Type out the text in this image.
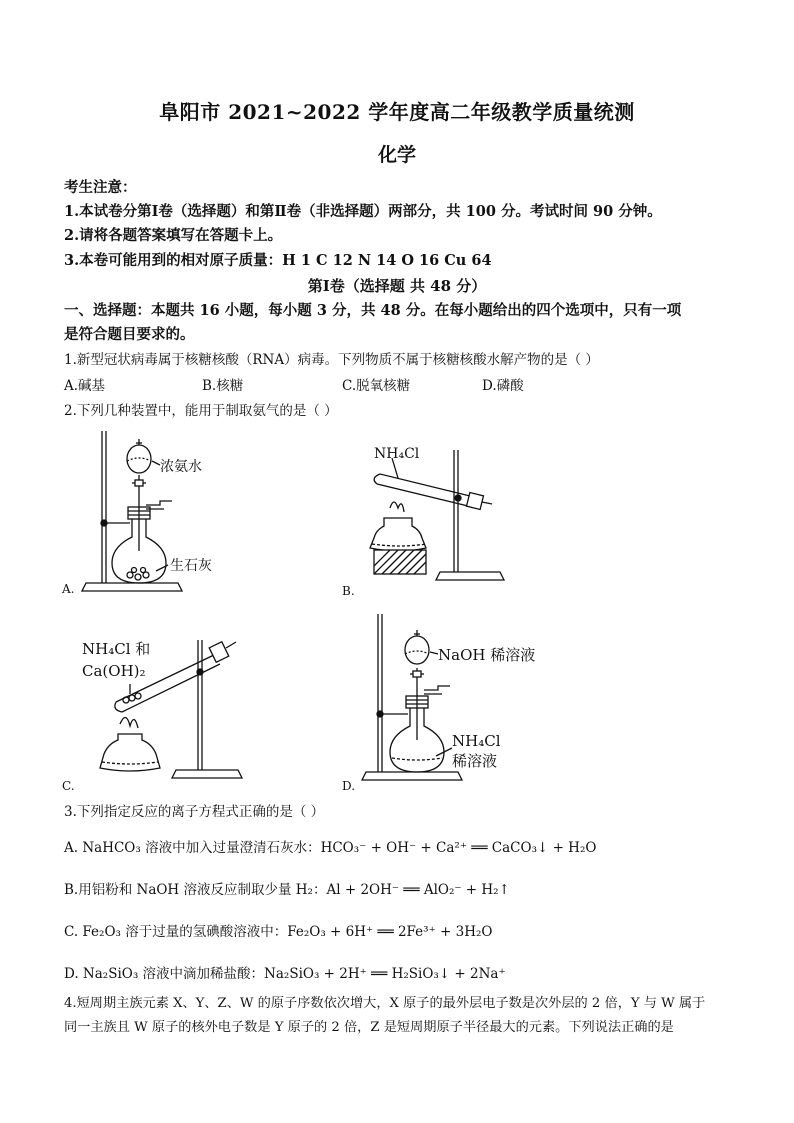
阜阳市 2021~2022 学年度高二年级教学质量统测
化学
考生注意：
1.本试卷分第Ⅰ卷（选择题）和第Ⅱ卷（非选择题）两部分，共 100 分。考试时间 90 分钟。
2.请将各题答案填写在答题卡上。
3.本卷可能用到的相对原子质量：H 1 C 12 N 14 O 16 Cu 64
第Ⅰ卷（选择题 共 48 分）
一、选择题：本题共 16 小题，每小题 3 分，共 48 分。在每小题给出的四个选项中，只有一项
是符合题目要求的。
1.新型冠状病毒属于核糖核酸（RNA）病毒。下列物质不属于核糖核酸水解产物的是（ ）
A.碱基	B.核糖	C.脱氧核糖	D.磷酸
2.下列几种装置中，能用于制取氨气的是（ ）
浓氨水
生石灰
A.
NH₄Cl
B.
NH₄Cl 和
Ca(OH)₂
C.
NaOH 稀溶液
NH₄Cl
稀溶液
D.
3.下列指定反应的离子方程式正确的是（ ）
A. NaHCO₃ 溶液中加入过量澄清石灰水：HCO₃⁻ + OH⁻ + Ca²⁺ ══ CaCO₃↓ + H₂O
B.用铝粉和 NaOH 溶液反应制取少量 H₂：Al + 2OH⁻ ══ AlO₂⁻ + H₂↑
C. Fe₂O₃ 溶于过量的氢碘酸溶液中：Fe₂O₃ + 6H⁺ ══ 2Fe³⁺ + 3H₂O
D. Na₂SiO₃ 溶液中滴加稀盐酸：Na₂SiO₃ + 2H⁺ ══ H₂SiO₃↓ + 2Na⁺
4.短周期主族元素 X、Y、Z、W 的原子序数依次增大，X 原子的最外层电子数是次外层的 2 倍，Y 与 W 属于
同一主族且 W 原子的核外电子数是 Y 原子的 2 倍，Z 是短周期原子半径最大的元素。下列说法正确的是
